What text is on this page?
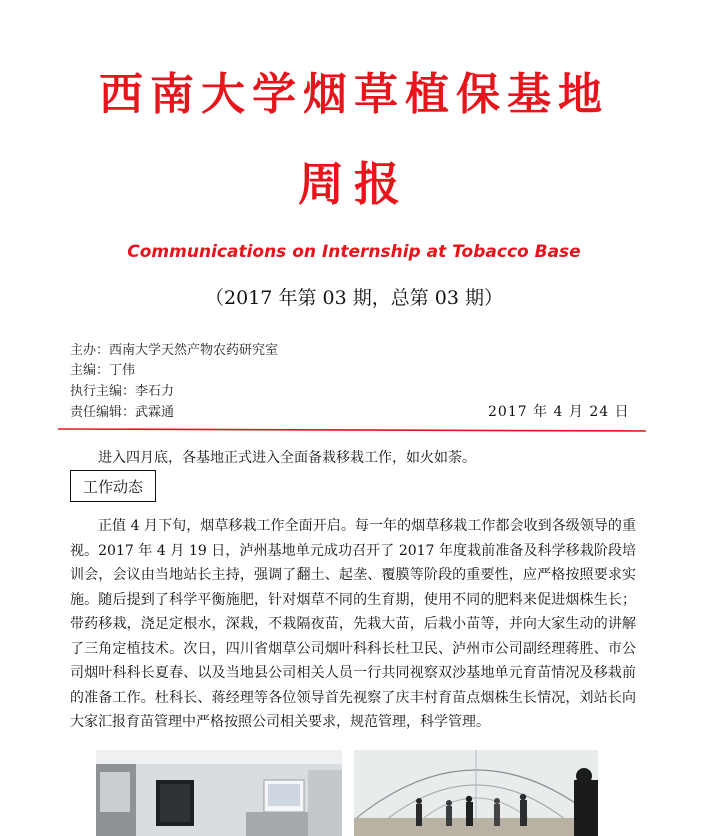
西南大学烟草植保基地
周报
Communications on Internship at Tobacco Base
（2017 年第 03 期，总第 03 期）
主办：西南大学天然产物农药研究室
主编：丁伟
执行主编：李石力
责任编辑：武霖通	2017 年 4 月 24 日

进入四月底，各基地正式进入全面备栽移栽工作，如火如荼。

工作动态

正值 4 月下旬，烟草移栽工作全面开启。每一年的烟草移栽工作都会收到各级领导的重视。2017 年 4 月 19 日，泸州基地单元成功召开了 2017 年度栽前准备及科学移栽阶段培训会，会议由当地站长主持，强调了翻土、起垄、覆膜等阶段的重要性，应严格按照要求实施。随后提到了科学平衡施肥，针对烟草不同的生育期，使用不同的肥料来促进烟株生长；带药移栽，浇足定根水，深栽，不栽隔夜苗，先栽大苗，后栽小苗等，并向大家生动的讲解了三角定植技术。次日，四川省烟草公司烟叶科科长杜卫民、泸州市公司副经理蒋胜、市公司烟叶科科长夏春、以及当地县公司相关人员一行共同视察双沙基地单元育苗情况及移栽前的准备工作。杜科长、蒋经理等各位领导首先视察了庆丰村育苗点烟株生长情况，刘站长向大家汇报育苗管理中严格按照公司相关要求，规范管理，科学管理。
